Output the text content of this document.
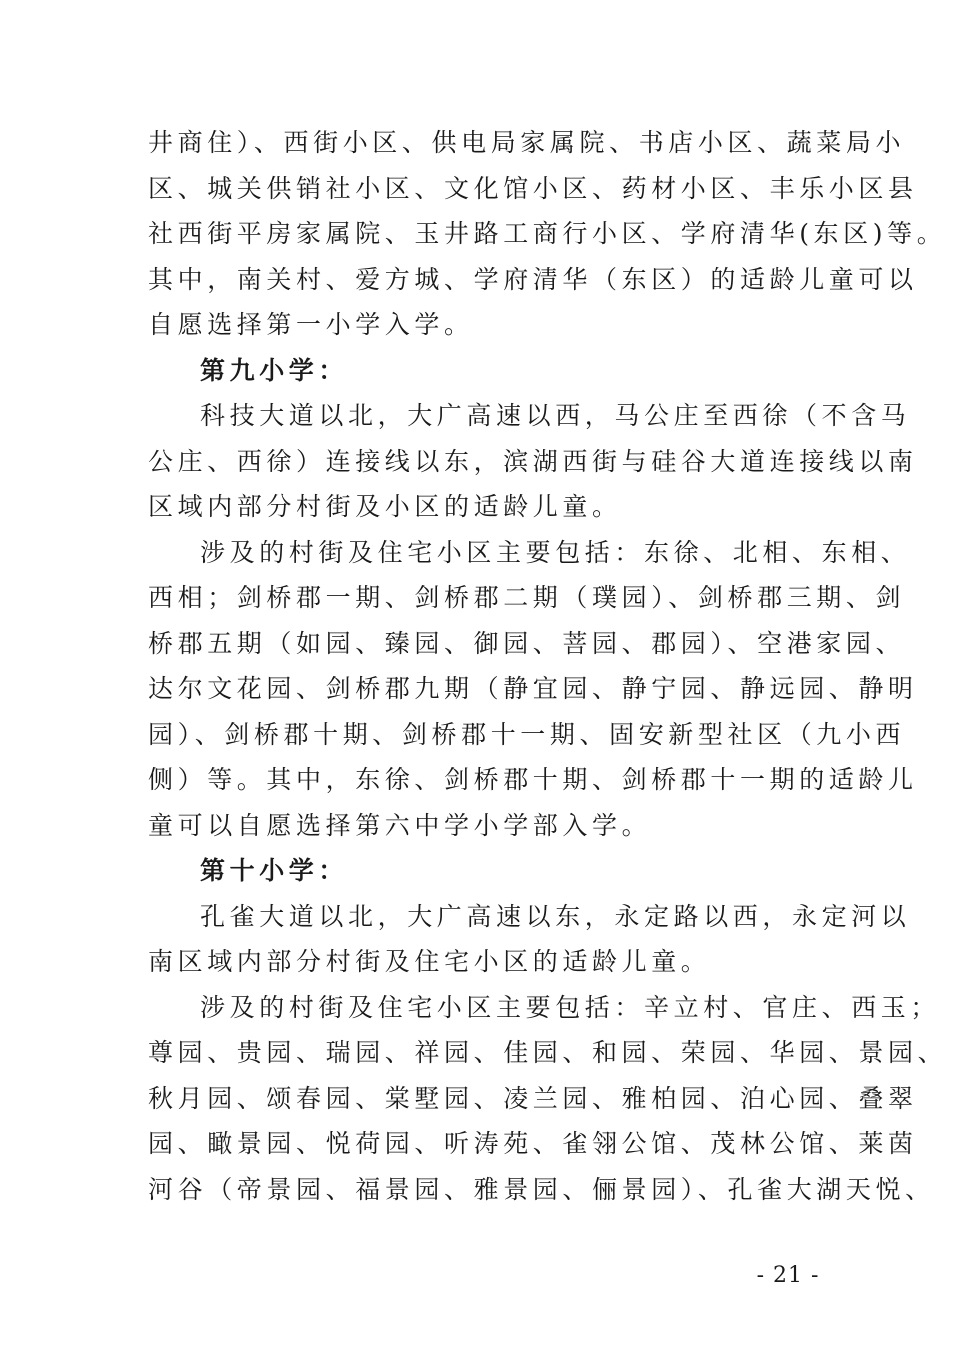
井商住）、西街小区、供电局家属院、书店小区、蔬菜局小
区、城关供销社小区、文化馆小区、药材小区、丰乐小区县
社西街平房家属院、玉井路工商行小区、学府清华(东区)等。
其中，南关村、爱方城、学府清华（东区）的适龄儿童可以
自愿选择第一小学入学。
第九小学：
科技大道以北，大广高速以西，马公庄至西徐（不含马
公庄、西徐）连接线以东，滨湖西街与硅谷大道连接线以南
区域内部分村街及小区的适龄儿童。
涉及的村街及住宅小区主要包括：东徐、北相、东相、
西相；剑桥郡一期、剑桥郡二期（璞园）、剑桥郡三期、剑
桥郡五期（如园、臻园、御园、菩园、郡园）、空港家园、
达尔文花园、剑桥郡九期（静宜园、静宁园、静远园、静明
园）、剑桥郡十期、剑桥郡十一期、固安新型社区（九小西
侧）等。其中，东徐、剑桥郡十期、剑桥郡十一期的适龄儿
童可以自愿选择第六中学小学部入学。
第十小学：
孔雀大道以北，大广高速以东，永定路以西，永定河以
南区域内部分村街及住宅小区的适龄儿童。
涉及的村街及住宅小区主要包括：辛立村、官庄、西玉；
尊园、贵园、瑞园、祥园、佳园、和园、荣园、华园、景园、
秋月园、颂春园、棠墅园、凌兰园、雅柏园、泊心园、叠翠
园、瞰景园、悦荷园、听涛苑、雀翎公馆、茂林公馆、莱茵
河谷（帝景园、福景园、雅景园、俪景园）、孔雀大湖天悦、
- 21 -
